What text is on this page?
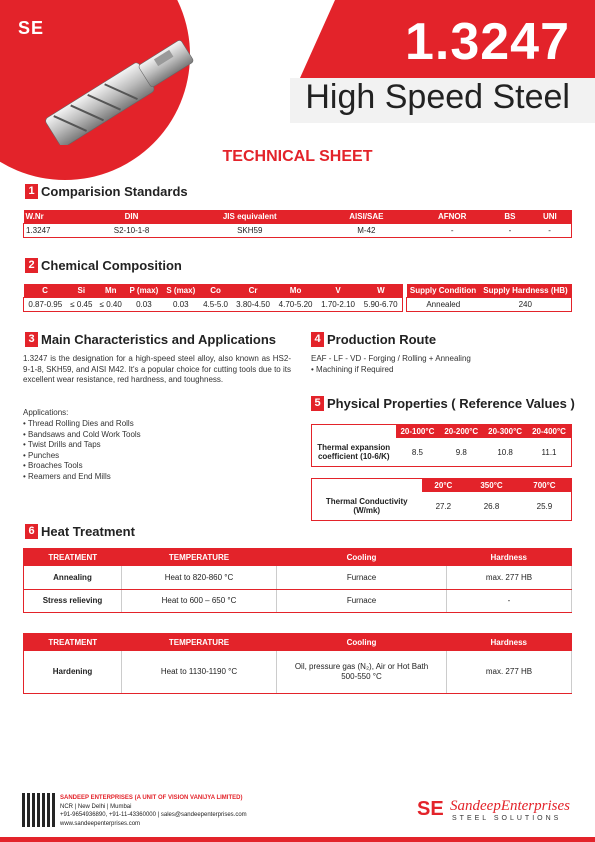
SE	1.3247
High Speed Steel
TECHNICAL SHEET
1 Comparision Standards
W.Nr	DIN	JIS equivalent	AISI/SAE	AFNOR	BS	UNI
1.3247	S2-10-1-8	SKH59	M-42	-	-	-
2 Chemical Composition
C	Si	Mn	P (max)	S (max)	Co	Cr	Mo	V	W
0.87-0.95	≤ 0.45	≤ 0.40	0.03	0.03	4.5-5.0	3.80-4.50	4.70-5.20	1.70-2.10	5.90-6.70
Supply Condition	Supply Hardness (HB)
Annealed	240
3 Main Characteristics and Applications
1.3247 is the designation for a high-speed steel alloy, also known as HS2-9-1-8, SKH59, and AISI M42. It's a popular choice for cutting tools due to its excellent wear resistance, red hardness, and toughness.
Applications:
• Thread Rolling Dies and Rolls
• Bandsaws and Cold Work Tools
• Twist Drills and Taps
• Punches
• Broaches Tools
• Reamers and End Mills
4 Production Route
EAF - LF - VD - Forging / Rolling + Annealing
• Machining if Required
5 Physical Properties ( Reference Values )
	20-100°C	20-200°C	20-300°C	20-400°C
Thermal expansion coefficient (10-6/K)	8.5	9.8	10.8	11.1
	20°C	350°C	700°C
Thermal Conductivity (W/mk)	27.2	26.8	25.9
6 Heat Treatment
TREATMENT	TEMPERATURE	Cooling	Hardness
Annealing	Heat to 820-860 °C	Furnace	max. 277 HB
Stress relieving	Heat to 600 – 650 °C	Furnace	-
TREATMENT	TEMPERATURE	Cooling	Hardness
Hardening	Heat to 1130-1190 °C	Oil, pressure gas (N₂), Air or Hot Bath 500-550 °C	max. 277 HB
SANDEEP ENTERPRISES (A UNIT OF VISION VANIJYA LIMITED)
NCR | New Delhi | Mumbai
+91-9654936890, +91-11-43360000 | sales@sandeepenterprises.com
www.sandeepenterprises.com
SE SandeepEnterprises
STEEL SOLUTIONS
